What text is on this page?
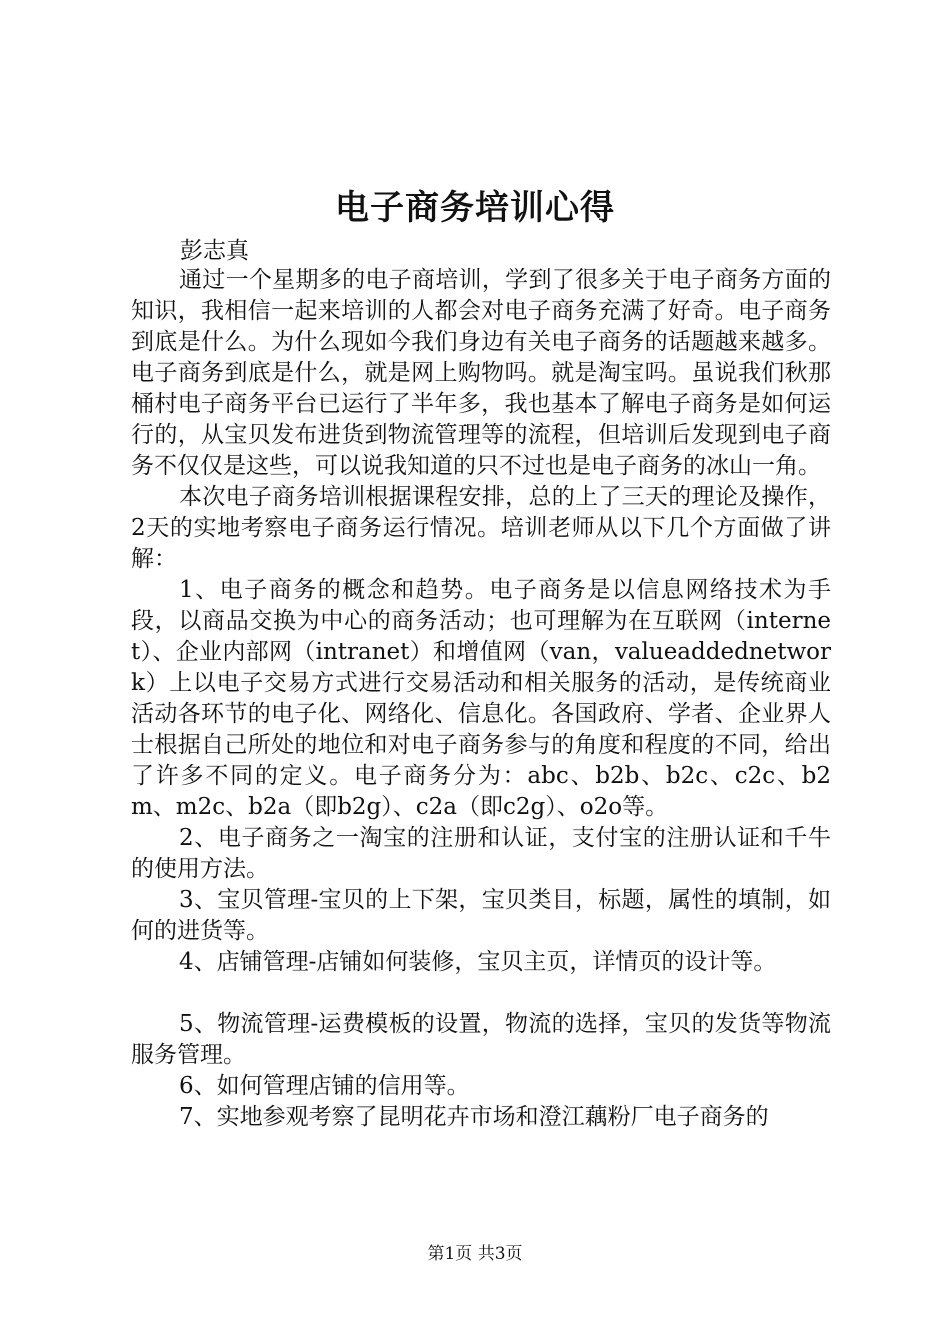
电子商务培训心得
彭志真

通过一个星期多的电子商培训，学到了很多关于电子商务方面的知识，我相信一起来培训的人都会对电子商务充满了好奇。电子商务到底是什么。为什么现如今我们身边有关电子商务的话题越来越多。电子商务到底是什么，就是网上购物吗。就是淘宝吗。虽说我们秋那桶村电子商务平台已运行了半年多，我也基本了解电子商务是如何运行的，从宝贝发布进货到物流管理等的流程，但培训后发现到电子商务不仅仅是这些，可以说我知道的只不过也是电子商务的冰山一角。

本次电子商务培训根据课程安排，总的上了三天的理论及操作，2天的实地考察电子商务运行情况。培训老师从以下几个方面做了讲解：

1、电子商务的概念和趋势。电子商务是以信息网络技术为手段，以商品交换为中心的商务活动；也可理解为在互联网（internet）、企业内部网（intranet）和增值网（van，valueaddednetwork）上以电子交易方式进行交易活动和相关服务的活动，是传统商业活动各环节的电子化、网络化、信息化。各国政府、学者、企业界人士根据自己所处的地位和对电子商务参与的角度和程度的不同，给出了许多不同的定义。电子商务分为：abc、b2b、b2c、c2c、b2m、m2c、b2a（即b2g）、c2a（即c2g）、o2o等。

2、电子商务之一淘宝的注册和认证，支付宝的注册认证和千牛的使用方法。

3、宝贝管理-宝贝的上下架，宝贝类目，标题，属性的填制，如何的进货等。

4、店铺管理-店铺如何装修，宝贝主页，详情页的设计等。

5、物流管理-运费模板的设置，物流的选择，宝贝的发货等物流服务管理。

6、如何管理店铺的信用等。

7、实地参观考察了昆明花卉市场和澄江藕粉厂电子商务的

第1页 共3页
